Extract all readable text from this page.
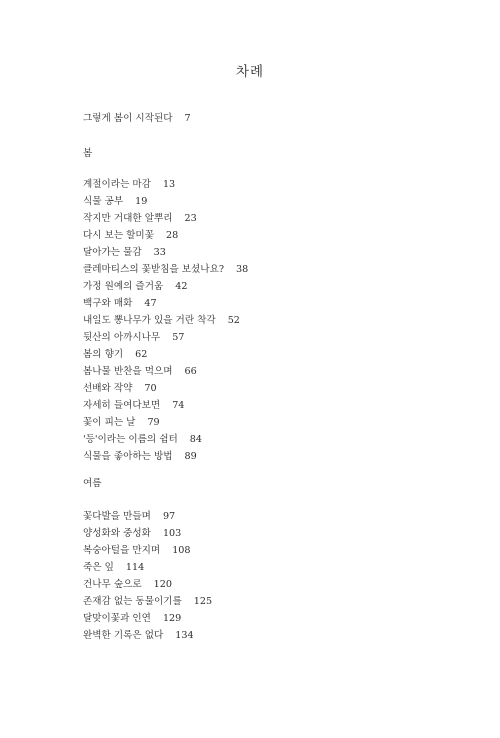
차례
그렇게 봄이 시작된다 7
봄
계절이라는 마감 13
식물 공부 19
작지만 거대한 알뿌리 23
다시 보는 할미꽃 28
달아가는 물감 33
클레마티스의 꽃받침을 보셨나요? 38
가정 원예의 즐거움 42
백구와 매화 47
내일도 뽕나무가 있을 거란 착각 52
뒷산의 아까시나무 57
봄의 향기 62
봄나물 반찬을 먹으며 66
선배와 작약 70
자세히 들여다보면 74
꽃이 피는 날 79
'등'이라는 이름의 쉼터 84
식물을 좋아하는 방법 89
여름
꽃다발을 만들며 97
양성화와 중성화 103
복숭아털을 만지며 108
죽은 잎 114
건나무 숲으로 120
존재감 없는 동물이기를 125
달맞이꽃과 인연 129
완벽한 기록은 없다 134
